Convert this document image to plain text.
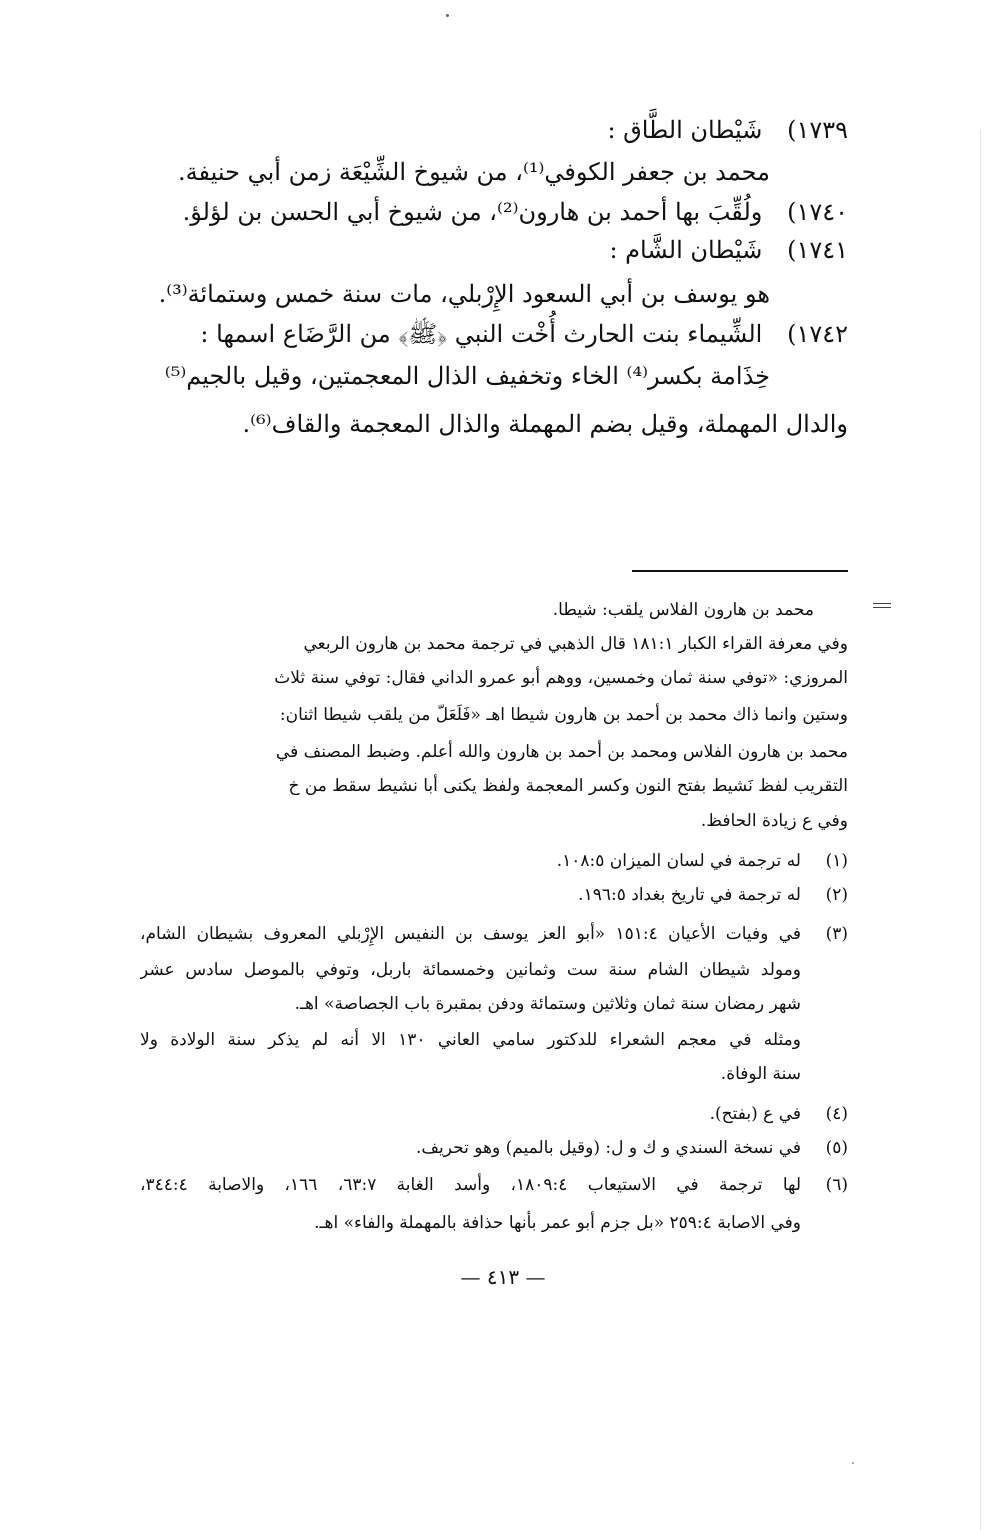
١٧٣٩) شَيْطان الطَّاق :
محمد بن جعفر الكوفي⁽¹⁾، من شيوخ الشِّيْعَة زمن أبي حنيفة.
١٧٤٠) ولُقِّبَ بها أحمد بن هارون⁽²⁾، من شيوخ أبي الحسن بن لؤلؤ.
١٧٤١) شَيْطان الشَّام :
هو يوسف بن أبي السعود الإِرْبلي، مات سنة خمس وستمائة⁽³⁾.
١٧٤٢) الشِّيماء بنت الحارث أُخْت النبي ﴿ﷺ﴾ من الرَّضَاع اسمها :
خِذَامة بكسر⁽⁴⁾ الخاء وتخفيف الذال المعجمتين، وقيل بالجيم⁽⁵⁾
والدال المهملة، وقيل بضم المهملة والذال المعجمة والقاف⁽⁶⁾.
محمد بن هارون الفلاس يلقب: شيطا.
وفي معرفة القراء الكبار ١٨١:١ قال الذهبي في ترجمة محمد بن هارون الربعي
المروزي: «توفي سنة ثمان وخمسين، ووهم أبو عمرو الداني فقال: توفي سنة ثلاث
وستين وانما ذاك محمد بن أحمد بن هارون شيطا اهـ «فَلَعَلّ من يلقب شيطا اثنان:
محمد بن هارون الفلاس ومحمد بن أحمد بن هارون والله أعلم. وضبط المصنف في
التقريب لفظ نَشيط بفتح النون وكسر المعجمة ولفظ يكنى أبا نشيط سقط من خ
وفي ع زيادة الحافظ.
(١)
له ترجمة في لسان الميزان ١٠٨:٥.
(٢)
له ترجمة في تاريخ بغداد ١٩٦:٥.
(٣)
في وفيات الأعيان ١٥١:٤ «أبو العز يوسف بن النفيس الإِرْبلي المعروف بشيطان الشام،
ومولد شيطان الشام سنة ست وثمانين وخمسمائة باربل، وتوفي بالموصل سادس عشر
شهر رمضان سنة ثمان وثلاثين وستمائة ودفن بمقبرة باب الجصاصة» اهـ.
ومثله في معجم الشعراء للدكتور سامي العاني ١٣٠ الا أنه لم يذكر سنة الولادة ولا
سنة الوفاة.
(٤)
في ع (بفتح).
(٥)
في نسخة السندي و ك و ل: (وقيل بالميم) وهو تحريف.
(٦)
لها ترجمة في الاستيعاب ١٨٠٩:٤، وأسد الغابة ٦٣:٧، ١٦٦، والاصابة ٣٤٤:٤،
وفي الاصابة ٢٥٩:٤ «بل جزم أبو عمر بأنها حذافة بالمهملة والفاء» اهـ.
— ٤١٣ —
